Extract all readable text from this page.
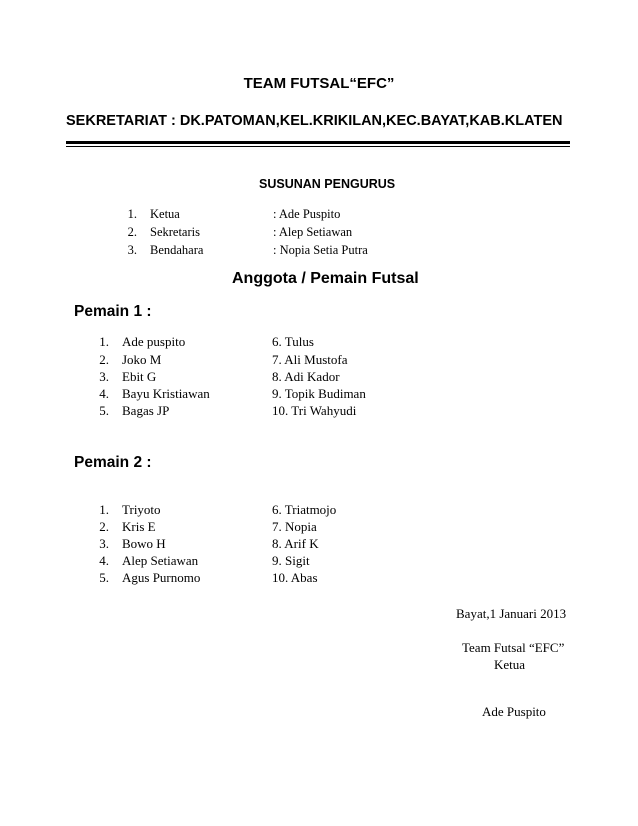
TEAM FUTSAL“EFC”
SEKRETARIAT : DK.PATOMAN,KEL.KRIKILAN,KEC.BAYAT,KAB.KLATEN
SUSUNAN PENGURUS
1. Ketua	: Ade Puspito
2. Sekretaris	: Alep Setiawan
3. Bendahara	: Nopia Setia Putra
Anggota / Pemain Futsal
Pemain 1 :
1. Ade puspito	6. Tulus
2. Joko M	7. Ali Mustofa
3. Ebit G	8. Adi Kador
4. Bayu Kristiawan	9. Topik Budiman
5. Bagas JP	10. Tri Wahyudi
Pemain 2 :
1. Triyoto	6. Triatmojo
2. Kris E	7. Nopia
3. Bowo H	8. Arif K
4. Alep Setiawan	9. Sigit
5. Agus Purnomo	10. Abas
Bayat,1 Januari 2013
Team Futsal “EFC”
Ketua
Ade Puspito
